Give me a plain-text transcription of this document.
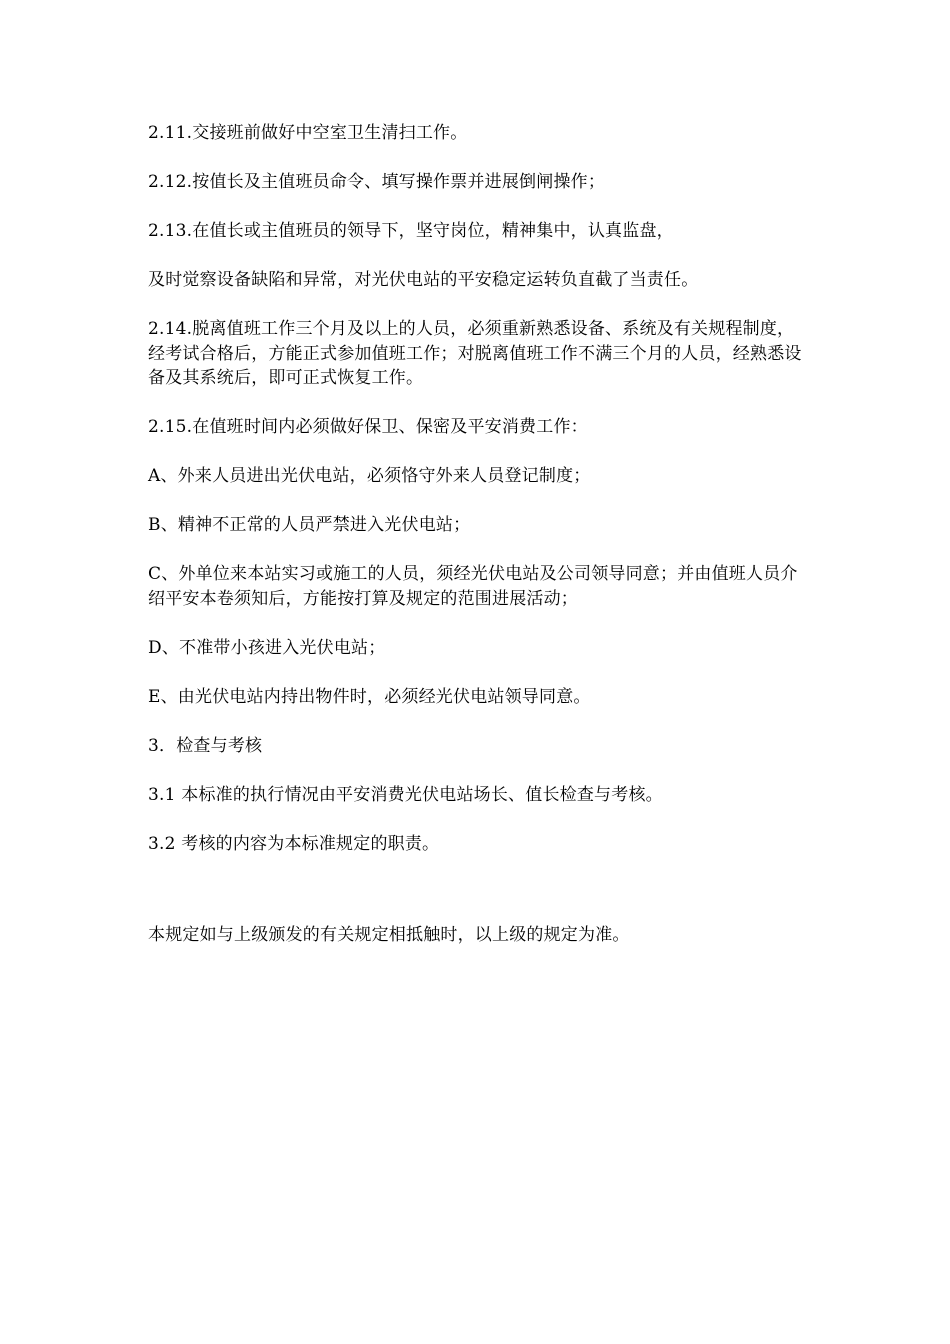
2.11.交接班前做好中空室卫生清扫工作。

2.12.按值长及主值班员命令、填写操作票并进展倒闸操作；

2.13.在值长或主值班员的领导下，坚守岗位，精神集中，认真监盘，

及时觉察设备缺陷和异常，对光伏电站的平安稳定运转负直截了当责任。

2.14.脱离值班工作三个月及以上的人员，必须重新熟悉设备、系统及有关规程制度，经考试合格后，方能正式参加值班工作；对脱离值班工作不满三个月的人员，经熟悉设备及其系统后，即可正式恢复工作。

2.15.在值班时间内必须做好保卫、保密及平安消费工作：

A、外来人员进出光伏电站，必须恪守外来人员登记制度；

B、精神不正常的人员严禁进入光伏电站；

C、外单位来本站实习或施工的人员，须经光伏电站及公司领导同意；并由值班人员介绍平安本卷须知后，方能按打算及规定的范围进展活动；

D、不准带小孩进入光伏电站；

E、由光伏电站内持出物件时，必须经光伏电站领导同意。

3．检查与考核

3.1 本标准的执行情况由平安消费光伏电站场长、值长检查与考核。

3.2 考核的内容为本标准规定的职责。

本规定如与上级颁发的有关规定相抵触时，以上级的规定为准。
